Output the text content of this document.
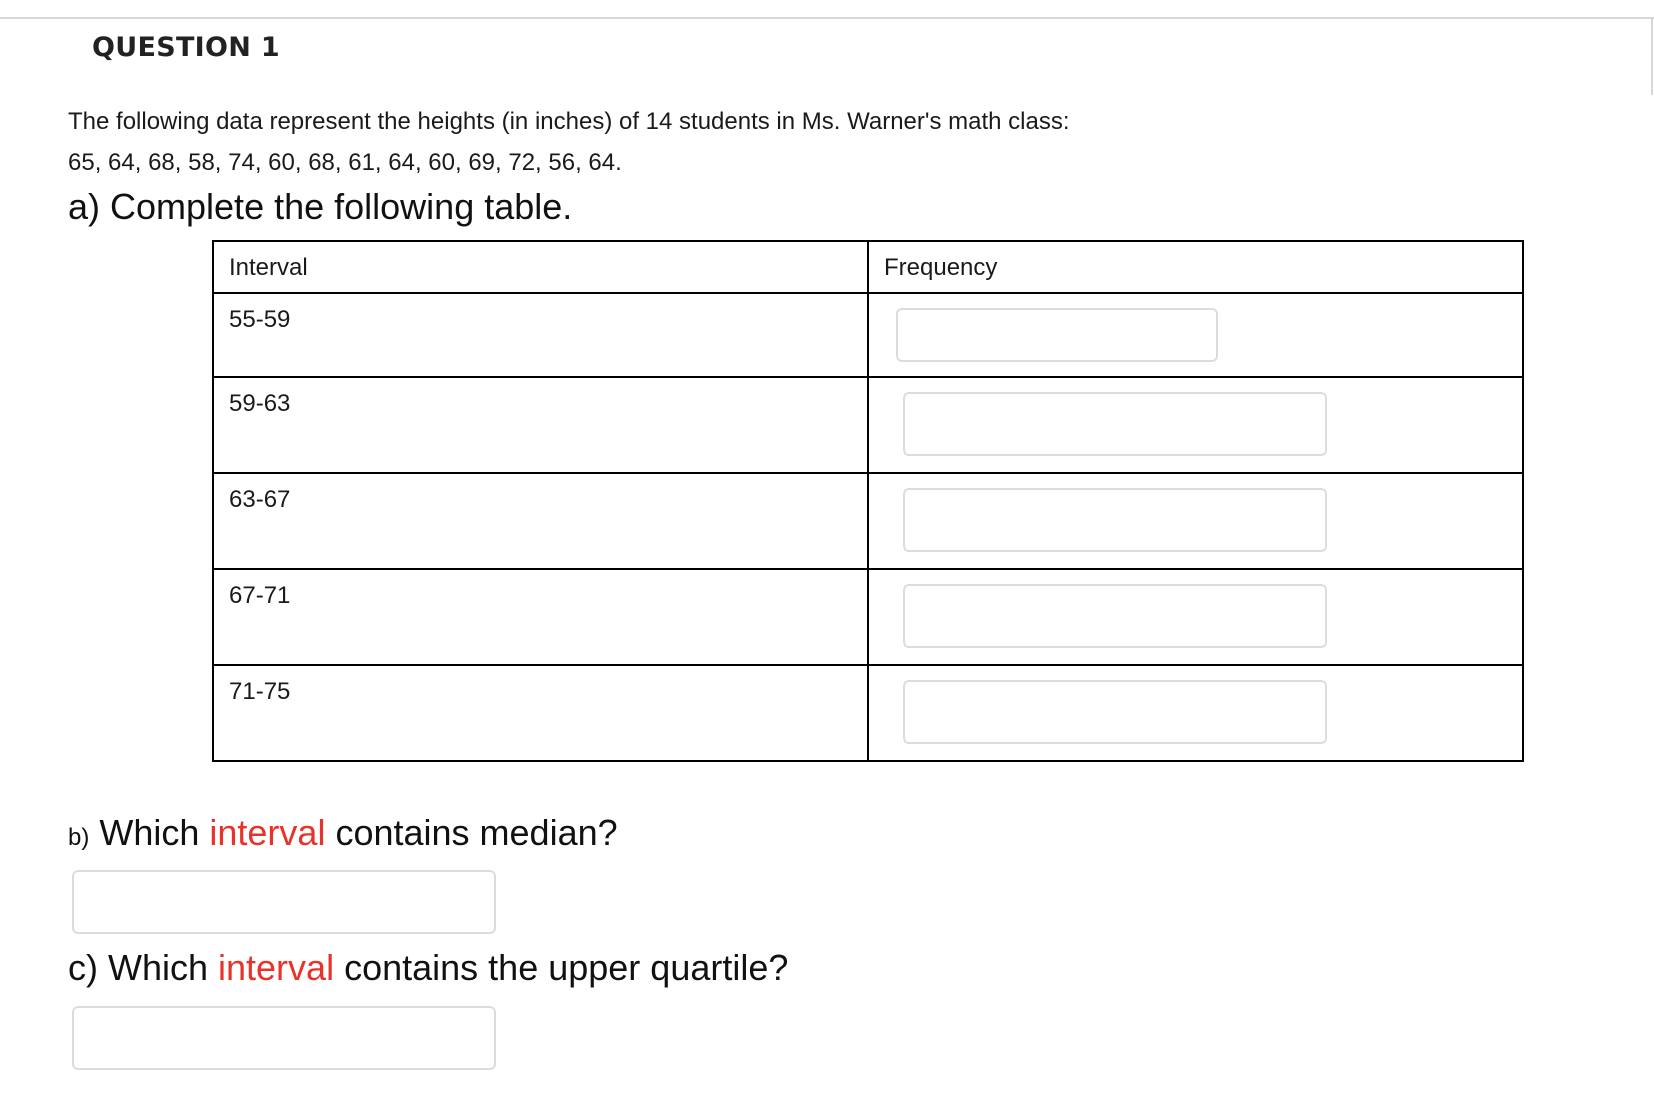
QUESTION 1
The following data represent the heights (in inches) of 14 students in Ms. Warner's math class:
65, 64, 68, 58, 74, 60, 68, 61, 64, 60, 69, 72, 56, 64.
a) Complete the following table.
Interval	Frequency

55-59

59-63

63-67

67-71

71-75

b) Which interval contains median?
c) Which interval contains the upper quartile?
